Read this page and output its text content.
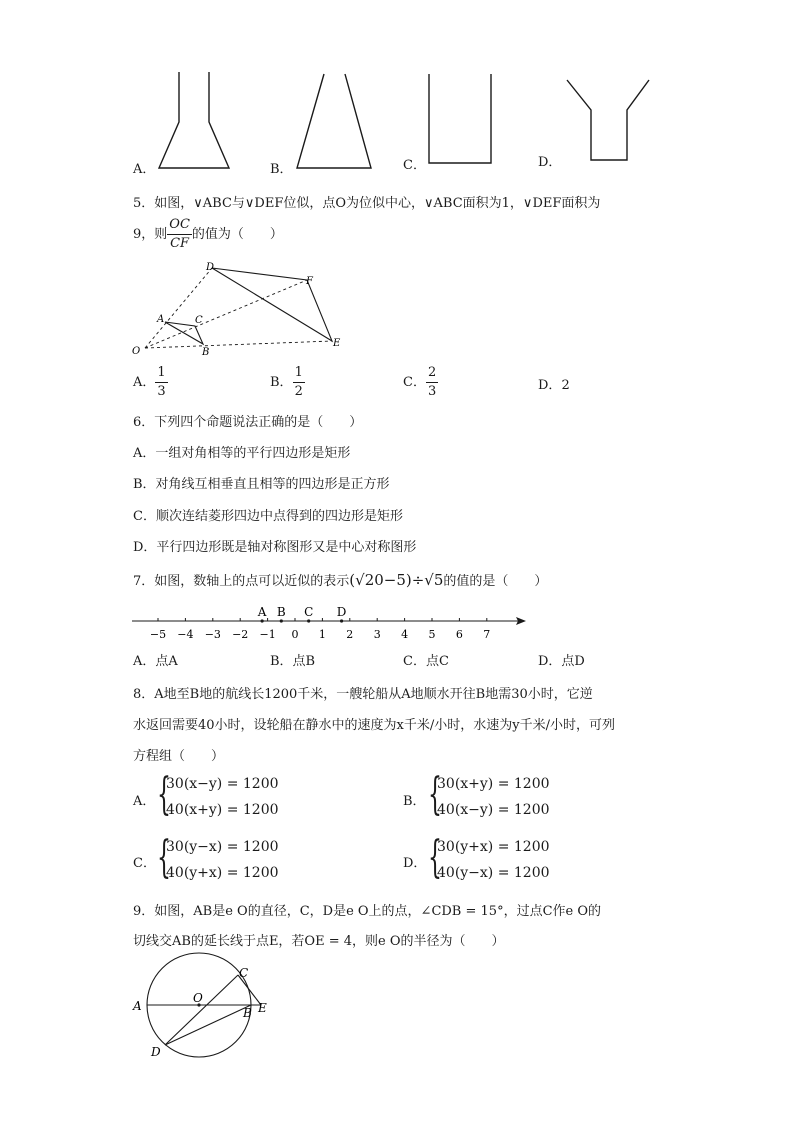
A．	B．	C．	D．
5．如图，∨ABC与∨DEF位似，点O为位似中心，∨ABC面积为1，∨DEF面积为
9，则 $\frac{OC}{CF}$ 的值为（　　）
D
F
A	C
O	B
E
A． $\frac{1}{3}$	B． $\frac{1}{2}$	C． $\frac{2}{3}$	D．2
6．下列四个命题说法正确的是（　　）
A．一组对角相等的平行四边形是矩形
B．对角线互相垂直且相等的四边形是正方形
C．顺次连结菱形四边中点得到的四边形是矩形
D．平行四边形既是轴对称图形又是中心对称图形
7．如图，数轴上的点可以近似的表示(√20−5)÷√5的值的是（　　）
−5 −4 −3 −2 −1 0 1 2 3 4 5 6 7
A B C D
A．点A	B．点B	C．点C	D．点D
8．A地至B地的航线长1200千米，一艘轮船从A地顺水开往B地需30小时，它逆
水返回需要40小时，设轮船在静水中的速度为x千米/小时，水速为y千米/小时，可列
方程组（　　）
A． {
30(x−y) = 1200
40(x+y) = 1200
B． {
30(x+y) = 1200
40(x−y) = 1200
C． {
30(y−x) = 1200
40(y+x) = 1200
D． {
30(y+x) = 1200
40(y−x) = 1200
9．如图，AB是e O的直径，C，D是e O上的点，∠CDB = 15°，过点C作e O的
切线交AB的延长线于点E，若OE = 4，则e O的半径为（　　）
C
A
O
B E
D
